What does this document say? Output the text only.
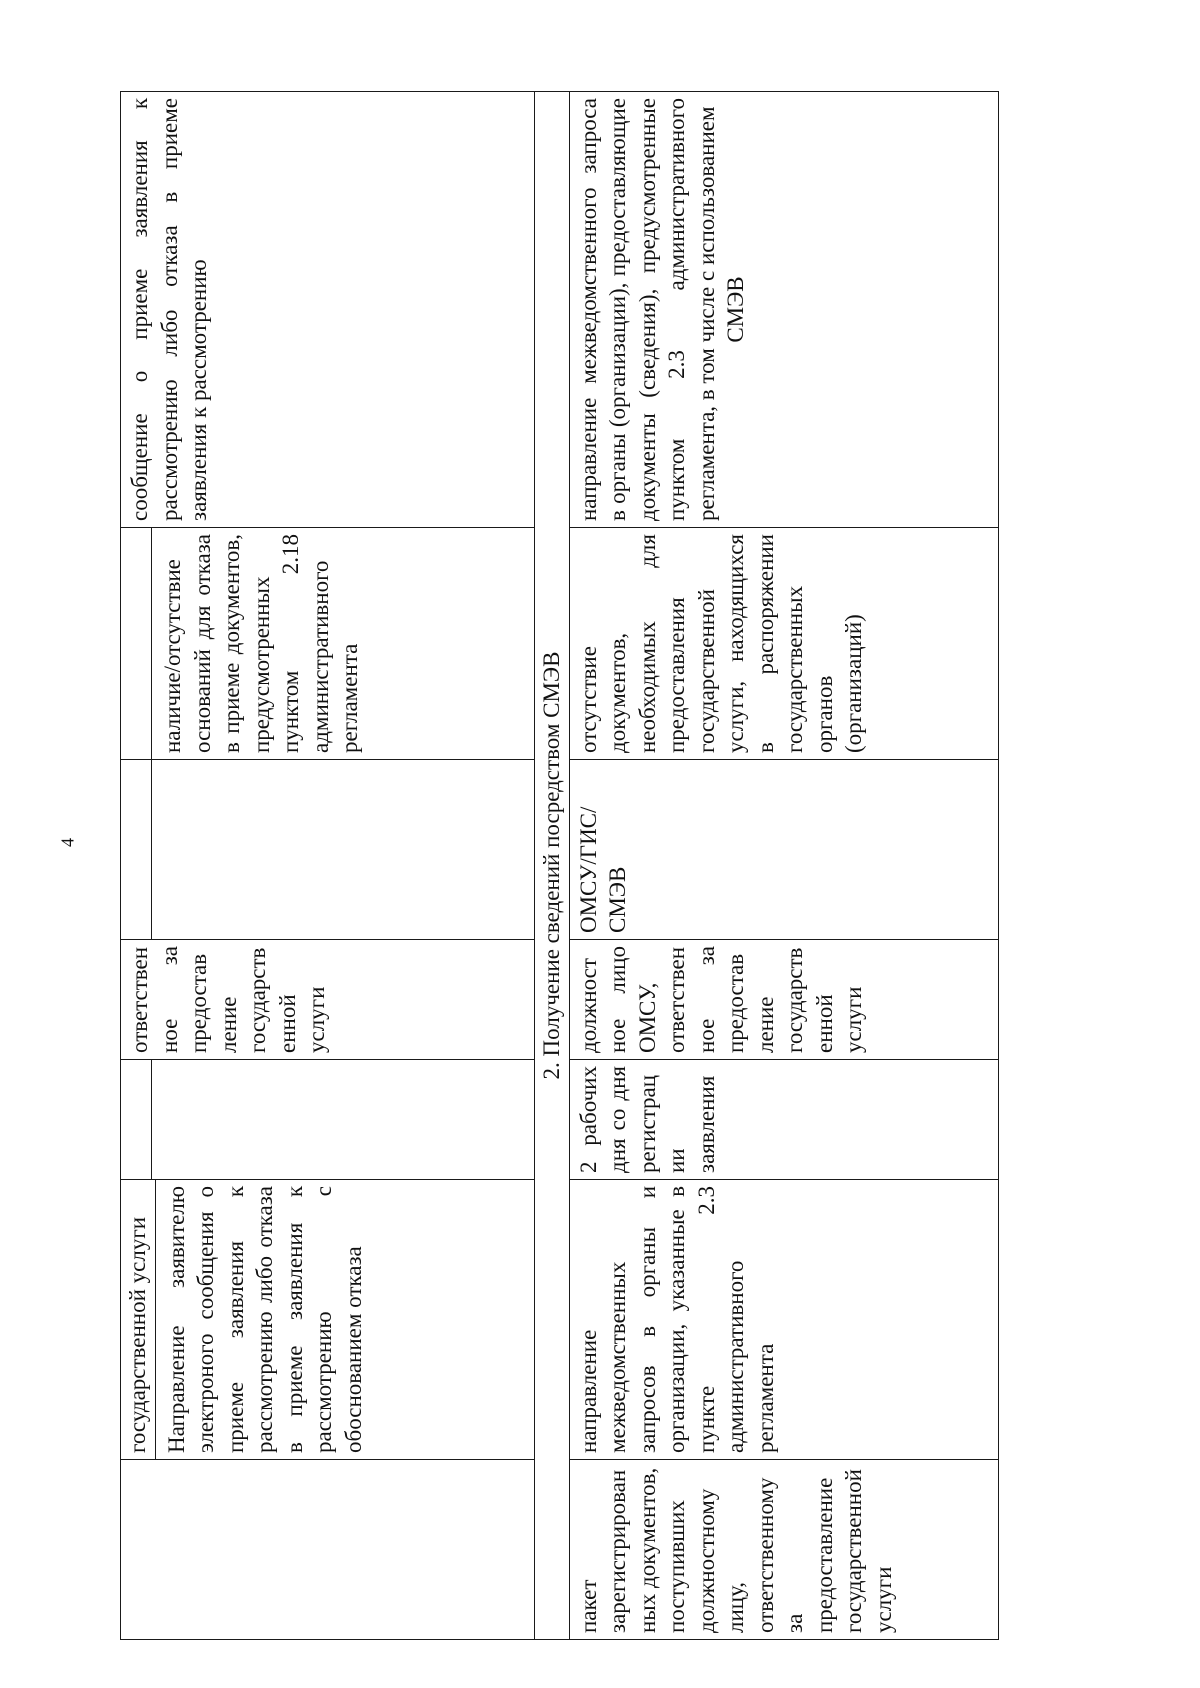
4

	государственной услуги Направление заявителю электроного сообщения о приеме заявления к рассмотрению либо отказа в приеме заявления к рассмотрению с обоснованием отказа		ответственное за предоставление государственной услуги		наличие/отсутствие оснований для отказа в приеме документов, предусмотренных пунктом 2.18 административного регламента	сообщение о приеме заявления к рассмотрению либо отказа в приеме заявления к рассмотрению

2. Получение сведений посредством СМЭВ						

пакет зарегистрированных документов, поступивших должностному лицу, ответственному за предоставление государственной услуги	направление межведомственных запросов в органы и организации, указанные в пункте 2.3 административного регламента	2 рабочих дня со дня регистрации заявления	должностное лицо ОМСУ, ответственное за предоставление государственной услуги	ОМСУ/ГИС/ СМЭВ	отсутствие документов, необходимых для предоставления государственной услуги, находящихся в распоряжении государственных органов (организаций)	направление межведомственного запроса в органы (организации), предоставляющие документы (сведения), предусмотренные пунктом 2.3 административного регламента, в том числе с использованием СМЭВ
